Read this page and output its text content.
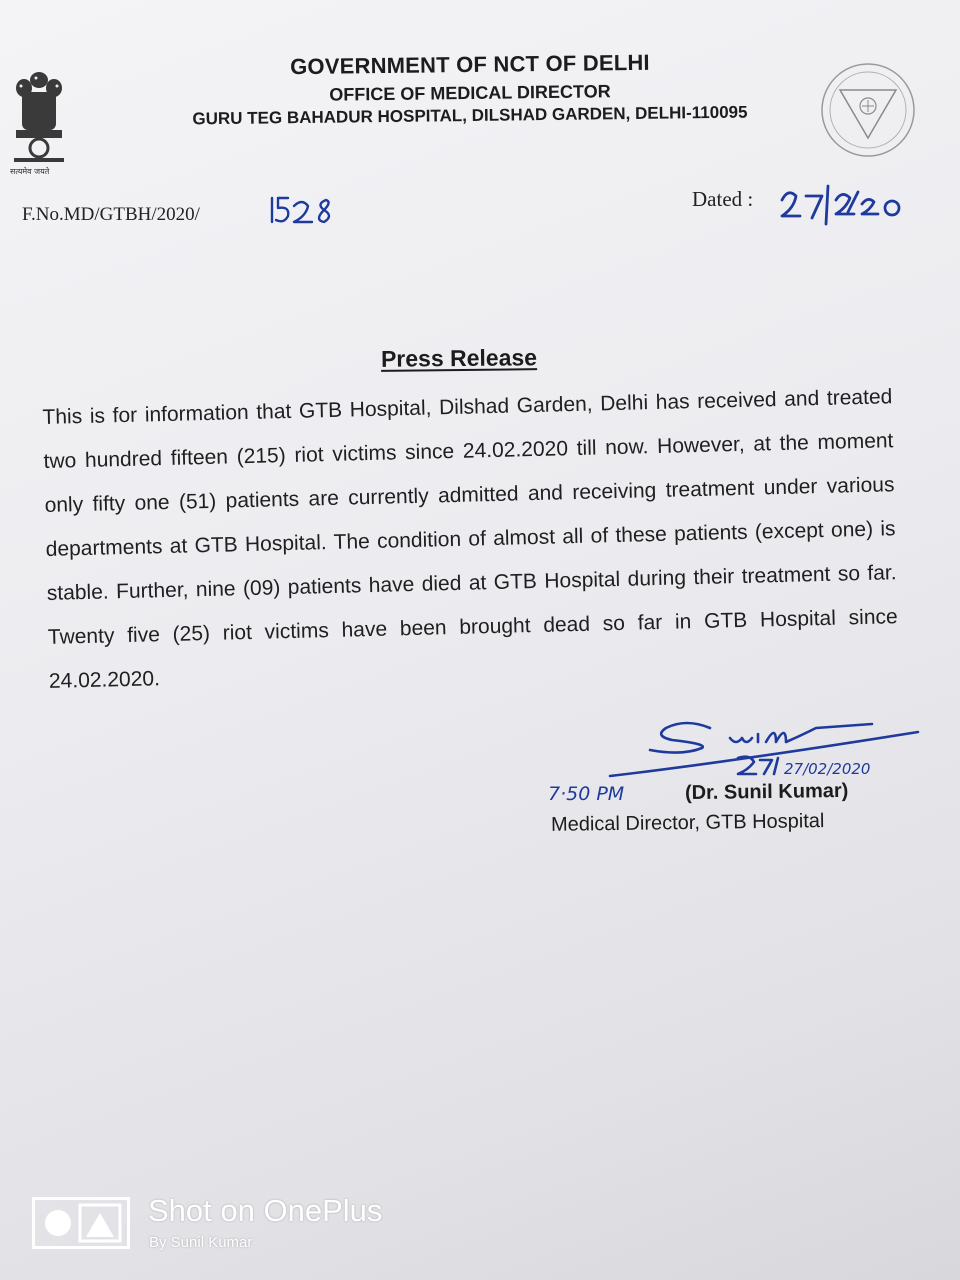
सत्यमेव जयते
GOVERNMENT OF NCT OF DELHI
OFFICE OF MEDICAL DIRECTOR
GURU TEG BAHADUR HOSPITAL, DILSHAD GARDEN, DELHI-110095
F.No.MD/GTBH/2020/
Dated :
Press Release
This is for information that GTB Hospital, Dilshad Garden, Delhi has received and treated two hundred fifteen (215) riot victims since 24.02.2020 till now. However, at the moment only fifty one (51) patients are currently admitted and receiving treatment under various departments at GTB Hospital. The condition of almost all of these patients (except one) is stable. Further, nine (09) patients have died at GTB Hospital during their treatment so far. Twenty five (25) riot victims have been brought dead so far in GTB Hospital since 24.02.2020.
27/02/2020
7·50 PM	(Dr. Sunil Kumar)
Medical Director, GTB Hospital
Shot on OnePlus
By Sunil Kumar
